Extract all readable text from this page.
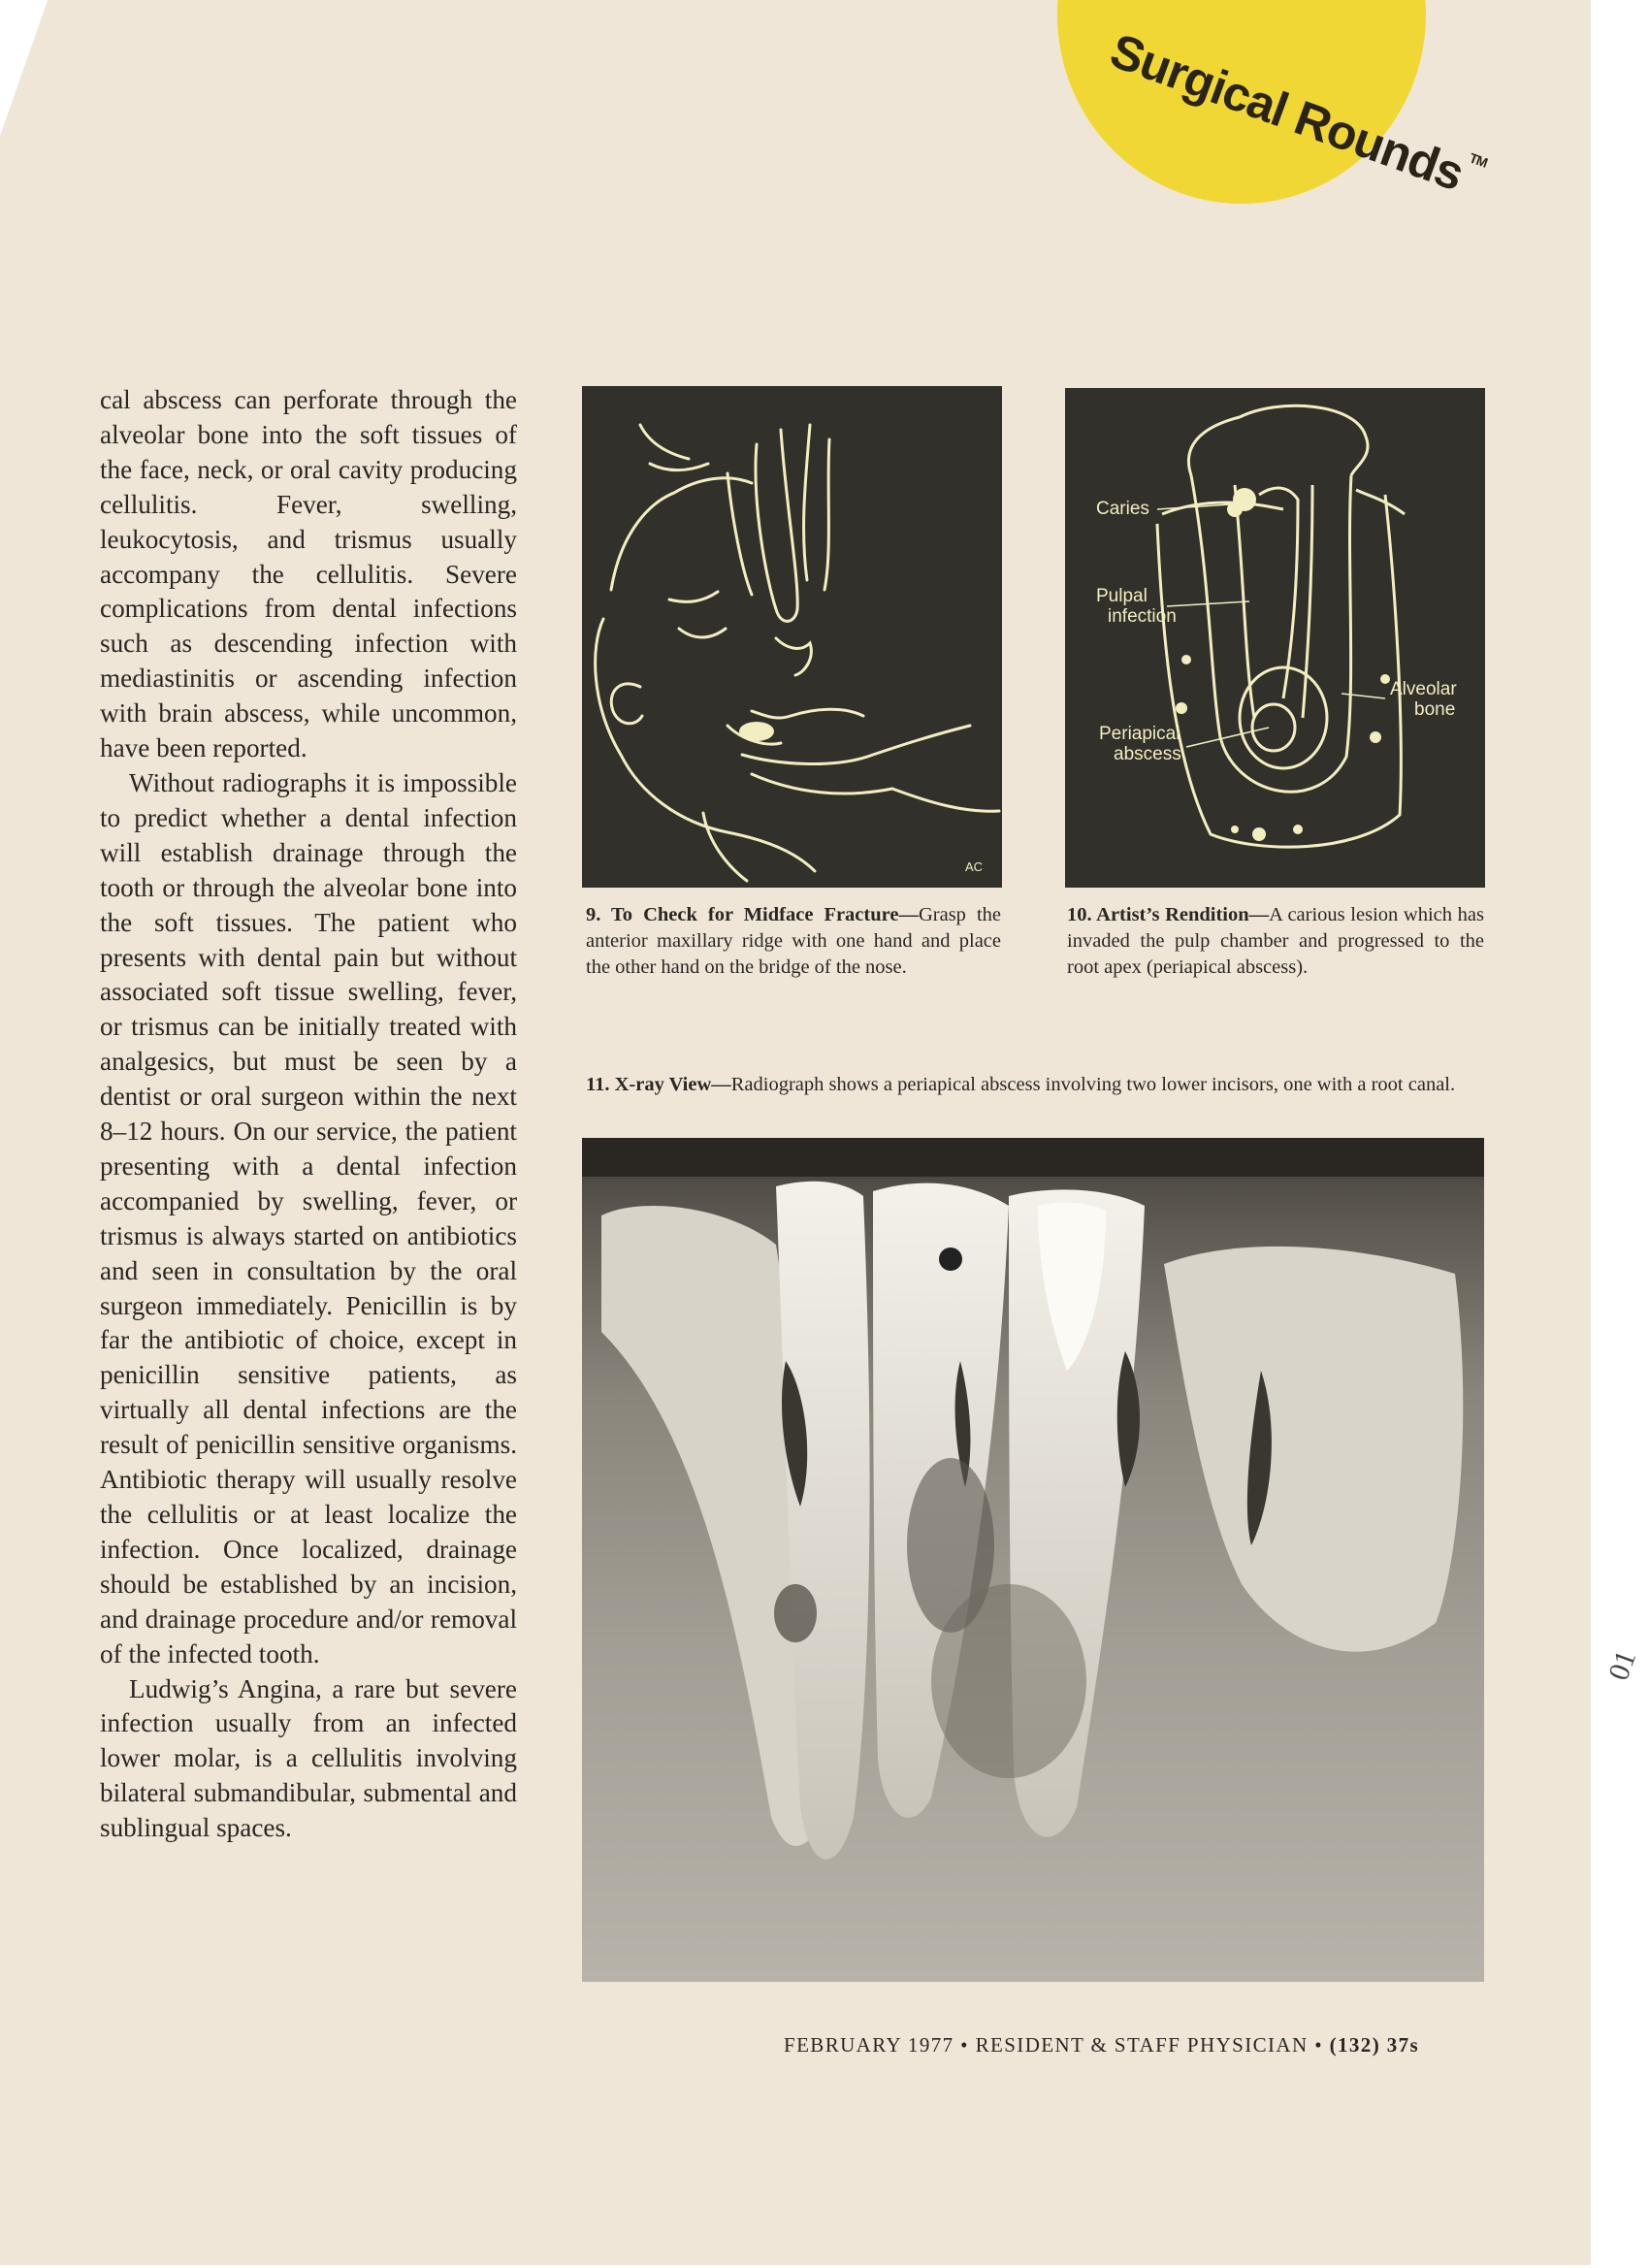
Surgical Rounds™

cal abscess can perforate through the alveolar bone into the soft tissues of the face, neck, or oral cavity producing cellulitis. Fever, swelling, leukocytosis, and trismus usually accompany the cellulitis. Severe complications from dental infections such as descending infection with mediastinitis or ascending infection with brain abscess, while uncommon, have been reported.

Without radiographs it is impossible to predict whether a dental infection will establish drainage through the tooth or through the alveolar bone into the soft tissues. The patient who presents with dental pain but without associated soft tissue swelling, fever, or trismus can be initially treated with analgesics, but must be seen by a dentist or oral surgeon within the next 8–12 hours. On our service, the patient presenting with a dental infection accompanied by swelling, fever, or trismus is always started on antibiotics and seen in consultation by the oral surgeon immediately. Penicillin is by far the antibiotic of choice, except in penicillin sensitive patients, as virtually all dental infections are the result of penicillin sensitive organisms. Antibiotic therapy will usually resolve the cellulitis or at least localize the infection. Once localized, drainage should be established by an incision, and drainage procedure and/or removal of the infected tooth.

Ludwig’s Angina, a rare but severe infection usually from an infected lower molar, is a cellulitis involving bilateral submandibular, submental and sublingual spaces.

AC
9. To Check for Midface Fracture—Grasp the anterior maxillary ridge with one hand and place the other hand on the bridge of the nose.
Caries
Pulpal
infection
Alveolar
bone
Periapical
abscess
10. Artist’s Rendition—A carious lesion which has invaded the pulp chamber and progressed to the root apex (periapical abscess).
11. X-ray View—Radiograph shows a periapical abscess involving two lower incisors, one with a root canal.
FEBRUARY 1977 • RESIDENT & STAFF PHYSICIAN • (132) 37s
01
